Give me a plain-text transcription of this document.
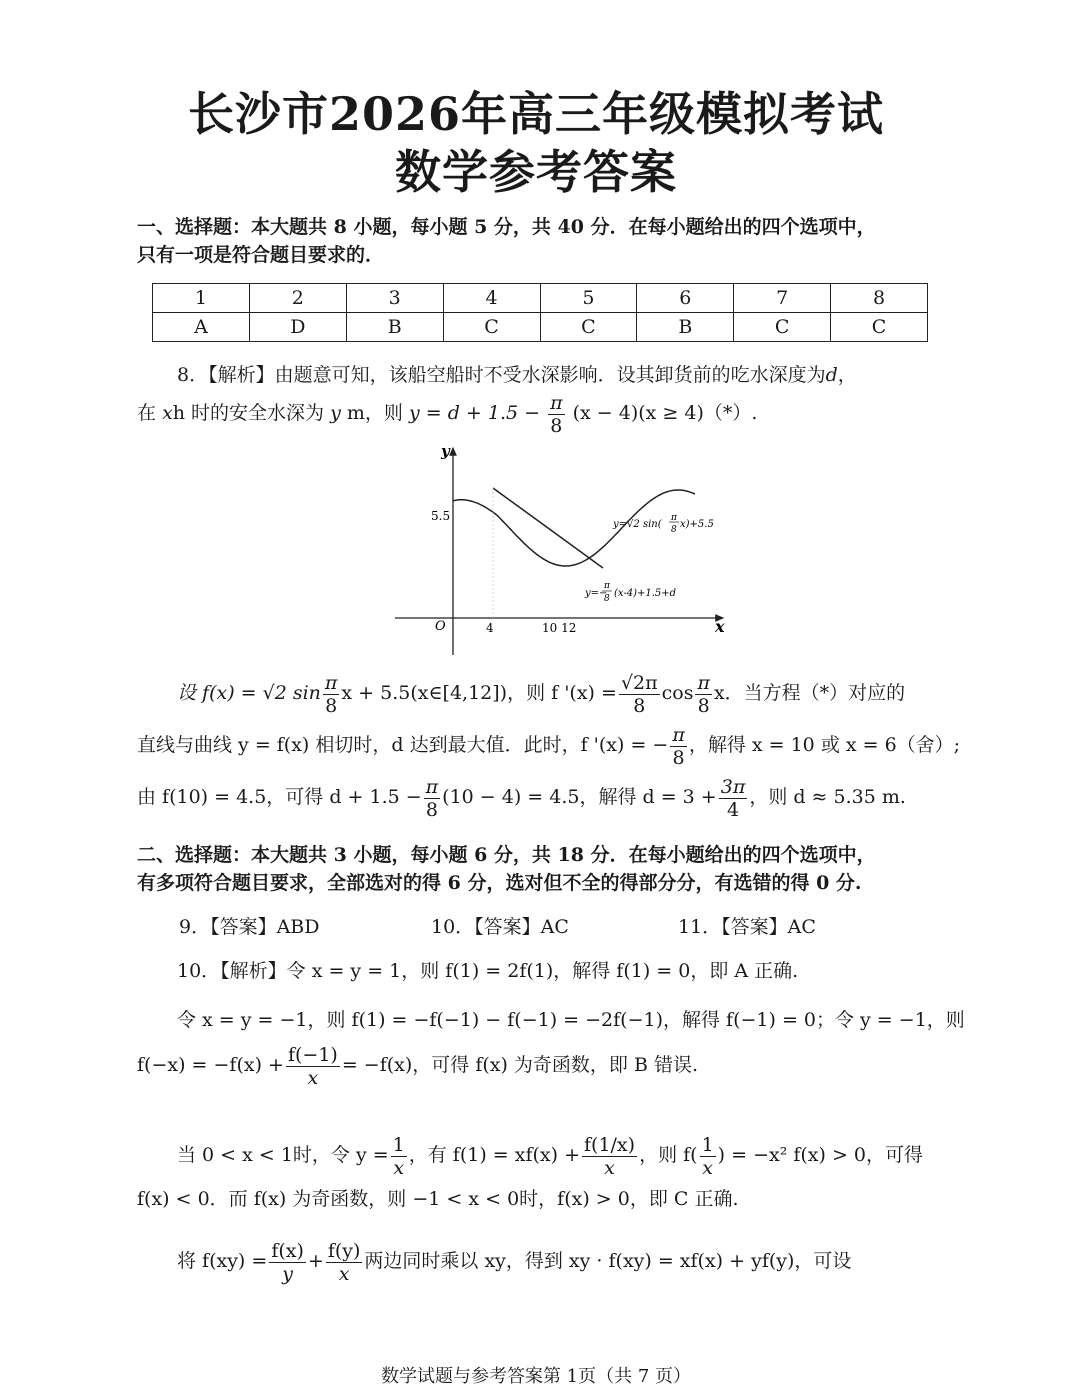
长沙市2026年高三年级模拟考试
数学参考答案
一、选择题：本大题共 8 小题，每小题 5 分，共 40 分．在每小题给出的四个选项中，
只有一项是符合题目要求的．
1	2	3	4	5	6	7	8
A	D	B	C	C	B	C	C
8．【解析】由题意可知，该船空船时不受水深影响．设其卸货前的吃水深度为d，
在 xh 时的安全水深为 y m，则 $y = d + 1.5 - \frac{\pi}{8} (x - 4)(x \ge 4)(*)$.
y
x
O
5.5
4	10 12
y=√2 sin(
π
8 x)+5.5
y=−
π
8 (x-4)+1.5+d
设 f(x) = √2 $\sin \frac{\pi}{8}$ x + 5.5(x∈[4,12])，则 f '$(x) = \frac{√2\pi}{8}$ $\cos \frac{\pi}{8}$ x．当方程（*）对应的
直线与曲线 y = f(x) 相切时，d 达到最大值．此时，f '(x) = − $\frac{\pi}{8}$ ，解得 x = 10 或 x = 6（舍）;
由 f(10) = 4.5，可得 $d + 1.5 - \frac{\pi}{8} (10 - 4) = 4.5$，解得 $d = 3 + \frac{3\pi}{4}$ ，则 d ≈ 5.35 m.
二、选择题：本大题共 3 小题，每小题 6 分，共 18 分．在每小题给出的四个选项中，
有多项符合题目要求，全部选对的得 6 分，选对但不全的得部分分，有选错的得 0 分.
9．【答案】ABD	10．【答案】AC	11．【答案】AC
10．【解析】令 x = y = 1，则 f(1) = 2f(1)，解得 f(1) = 0，即 A 正确.
令 x = y = −1，则 f(1) = −f(−1) − f(−1) = −2f(−1)，解得 f(−1) = 0；令 y = −1，则
$f(-x) = -f(x) + \frac{f(-1)}{x} = -f(x)$，可得 f(x) 为奇函数，即 B 错误.
当 0 < x < 1时，令 $y = \frac{1}{x}$ ，有 $f(1) = xf(x) + \frac{f(1/x)}{x}$ ，则 $f( \frac{1}{x}$ ) = −x² f(x) > 0，可得
f(x) < 0．而 f(x) 为奇函数，则 −1 < x < 0时，f(x) > 0，即 C 正确.
将 $f(xy) = \frac{f(x)}{y} + \frac{f(y)}{x}$ 两边同时乘以 xy，得到 xy · f(xy) = xf(x) + yf(y)，可设
数学试题与参考答案第 1页（共 7 页）
